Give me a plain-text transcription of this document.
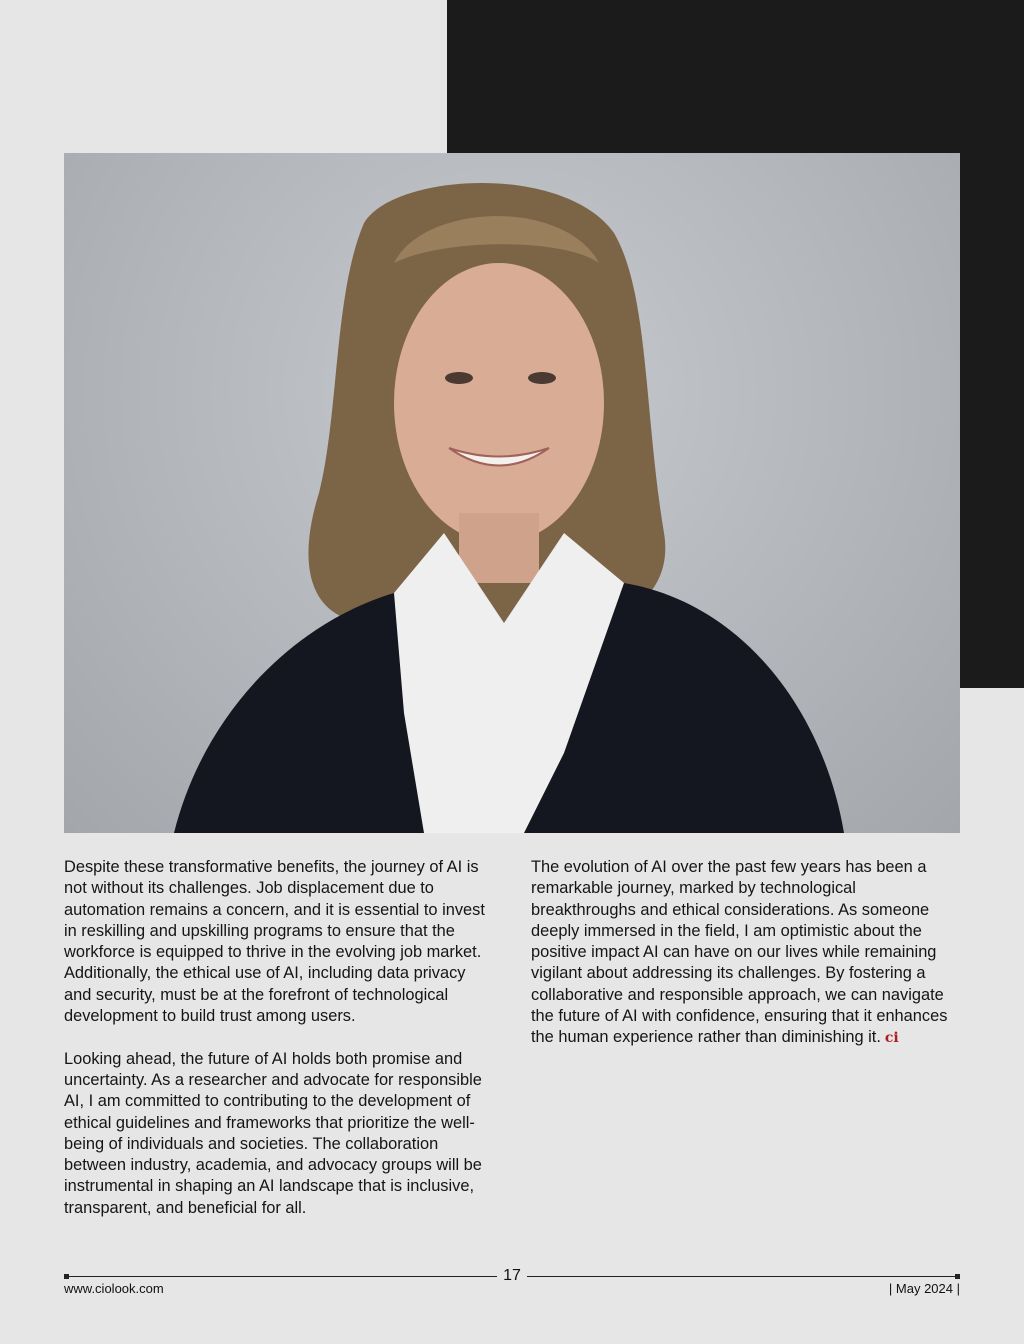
Despite these transformative benefits, the journey of AI is not without its challenges. Job displacement due to automation remains a concern, and it is essential to invest in reskilling and upskilling programs to ensure that the workforce is equipped to thrive in the evolving job market. Additionally, the ethical use of AI, including data privacy and security, must be at the forefront of technological development to build trust among users.

Looking ahead, the future of AI holds both promise and uncertainty. As a researcher and advocate for responsible AI, I am committed to contributing to the development of ethical guidelines and frameworks that prioritize the well-being of individuals and societies. The collaboration between industry, academia, and advocacy groups will be instrumental in shaping an AI landscape that is inclusive, transparent, and beneficial for all.

The evolution of AI over the past few years has been a remarkable journey, marked by technological breakthroughs and ethical considerations. As someone deeply immersed in the field, I am optimistic about the positive impact AI can have on our lives while remaining vigilant about addressing its challenges. By fostering a collaborative and responsible approach, we can navigate the future of AI with confidence, ensuring that it enhances the human experience rather than diminishing it. ci

17
www.ciolook.com	| May 2024 |
